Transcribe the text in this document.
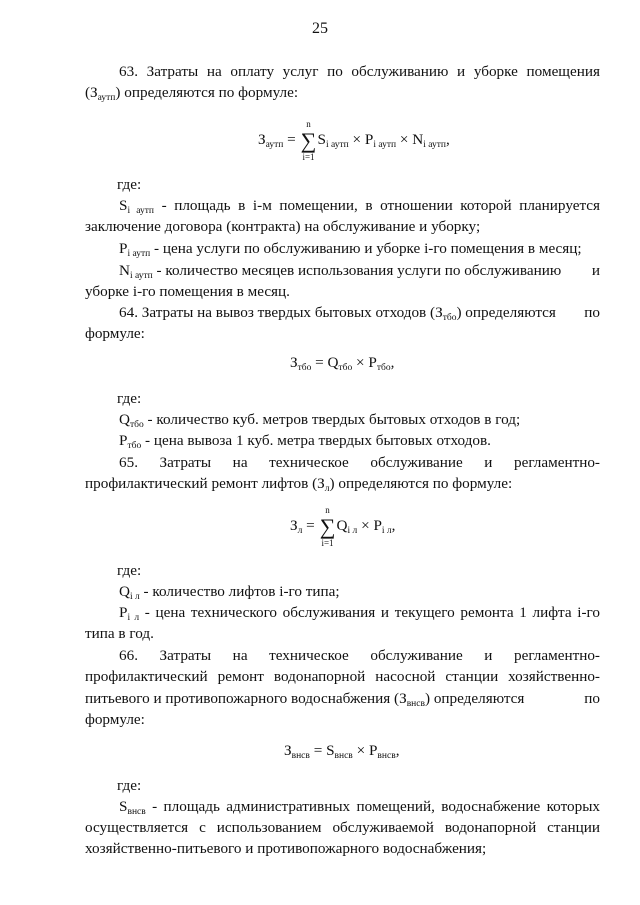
25

63. Затраты на оплату услуг по обслуживанию и уборке помещения

(Заутп) определяются по формуле:

Заутп =
n
∑
i=1
Si аутп × Pi аутп × Ni аутп,
где:

Si аутп - площадь в i-м помещении, в отношении которой планируется

заключение договора (контракта) на обслуживание и уборку;

Pi аутп - цена услуги по обслуживанию и уборке i-го помещения в месяц;

Ni аутп - количество месяцев использования услуги по обслуживанию и

уборке i-го помещения в месяц.

64. Затраты на вывоз твердых бытовых отходов (Зтбо) определяются по

формуле:

Зтбо = Qтбо × Pтбо,
где:

Qтбо - количество куб. метров твердых бытовых отходов в год;

Pтбо - цена вывоза 1 куб. метра твердых бытовых отходов.

65. Затраты на техническое обслуживание и регламентно-

профилактический ремонт лифтов (Зл) определяются по формуле:

Зл =
n
∑
i=1
Qi л × Pi л,
где:

Qi л - количество лифтов i-го типа;

Pi л - цена технического обслуживания и текущего ремонта 1 лифта i-го

типа в год.

66. Затраты на техническое обслуживание и регламентно-

профилактический ремонт водонапорной насосной станции хозяйственно-

питьевого и противопожарного водоснабжения (Звнсв) определяются	по

формуле:

Звнсв = Sвнсв × Pвнсв,
где:

Sвнсв - площадь административных помещений, водоснабжение которых

осуществляется с использованием обслуживаемой водонапорной станции

хозяйственно-питьевого и противопожарного водоснабжения;
